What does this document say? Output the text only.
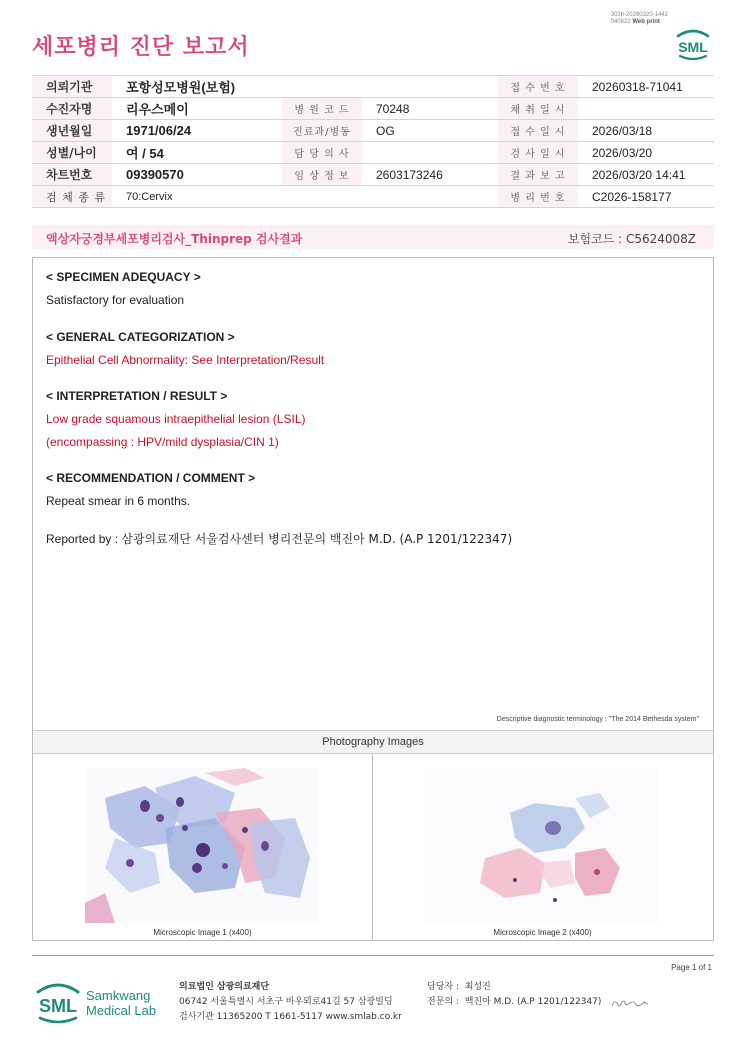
3036-20260320-1442
040822 Web print
세포병리 진단 보고서	SML
의뢰기관	포항성모병원(보험)			접 수 번 호	20260318-71041
수진자명	리우스메이	병 원 코 드	70248	채 취 일 시	
생년월일	1971/06/24	진료과/병동	OG	접 수 일 시	2026/03/18
성별/나이	여 / 54	담 당 의 사		검 사 일 시	2026/03/20
차트번호	09390570	임 상 정 보	2603173246	결 과 보 고	2026/03/20 14:41
검 체 종 류	70:Cervix			병 리 번 호	C2026-158177
액상자궁경부세포병리검사_Thinprep 검사결과	보험코드 : C5624008Z
< SPECIMEN ADEQUACY >
Satisfactory for evaluation
< GENERAL CATEGORIZATION >
Epithelial Cell Abnormality: See Interpretation/Result
< INTERPRETATION / RESULT >
Low grade squamous intraepithelial lesion (LSIL)
(encompassing : HPV/mild dysplasia/CIN 1)
< RECOMMENDATION / COMMENT >
Repeat smear in 6 months.
Reported by : 삼광의료재단 서울검사센터 병리전문의 백진아 M.D. (A.P 1201/122347)
Descriptive diagnostic terminology : "The 2014 Bethesda system"
Photography Images
Microscopic Image 1 (x400)	Microscopic Image 2 (x400)
Page 1 of 1
SML
Samkwang
Medical Lab
의료법인 삼광의료재단
06742 서울특별시 서초구 바우뫼로41길 57 삼광빌딩
검사기관 11365200 T 1661-5117 www.smlab.co.kr
담당자 : 최성진
전문의 : 백진아 M.D. (A.P 1201/122347)
